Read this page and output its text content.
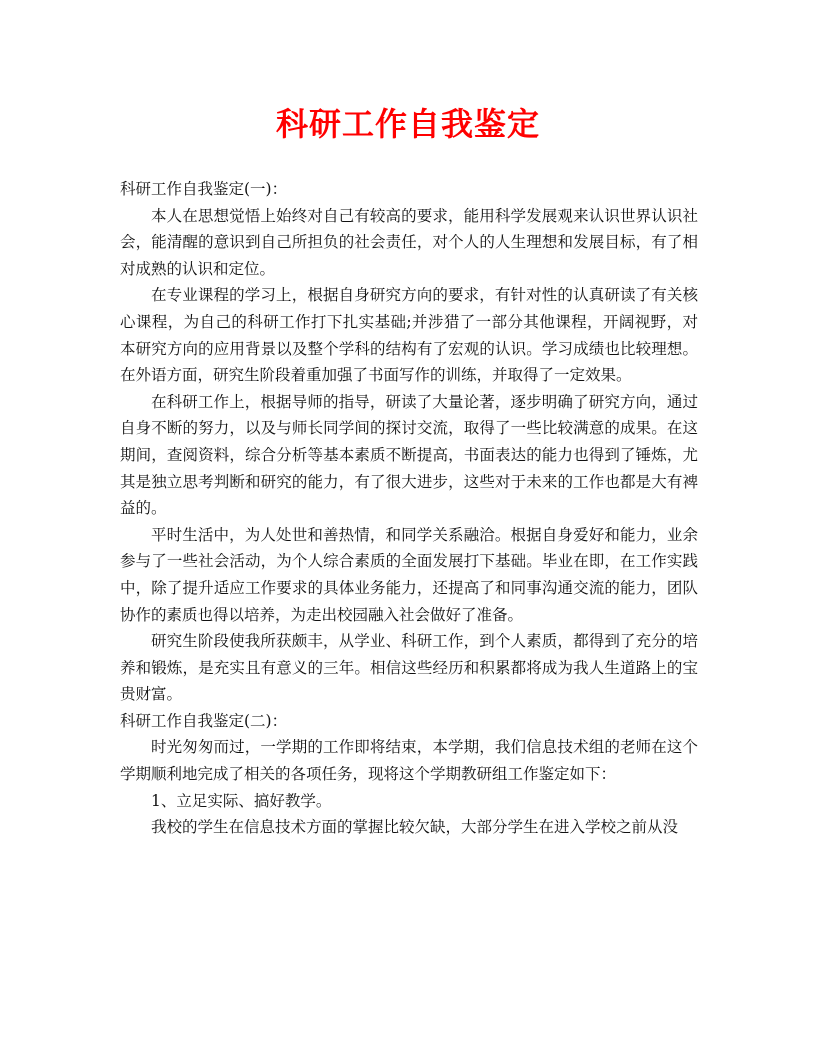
科研工作自我鉴定

科研工作自我鉴定(一)：

本人在思想觉悟上始终对自己有较高的要求，能用科学发展观来认识世界认识社会，能清醒的意识到自己所担负的社会责任，对个人的人生理想和发展目标，有了相对成熟的认识和定位。

在专业课程的学习上，根据自身研究方向的要求，有针对性的认真研读了有关核心课程，为自己的科研工作打下扎实基础;并涉猎了一部分其他课程，开阔视野，对本研究方向的应用背景以及整个学科的结构有了宏观的认识。学习成绩也比较理想。在外语方面，研究生阶段着重加强了书面写作的训练，并取得了一定效果。

在科研工作上，根据导师的指导，研读了大量论著，逐步明确了研究方向，通过自身不断的努力，以及与师长同学间的探讨交流，取得了一些比较满意的成果。在这期间，查阅资料，综合分析等基本素质不断提高，书面表达的能力也得到了锤炼，尤其是独立思考判断和研究的能力，有了很大进步，这些对于未来的工作也都是大有裨益的。

平时生活中，为人处世和善热情，和同学关系融洽。根据自身爱好和能力，业余参与了一些社会活动，为个人综合素质的全面发展打下基础。毕业在即，在工作实践中，除了提升适应工作要求的具体业务能力，还提高了和同事沟通交流的能力，团队协作的素质也得以培养，为走出校园融入社会做好了准备。

研究生阶段使我所获颇丰，从学业、科研工作，到个人素质，都得到了充分的培养和锻炼，是充实且有意义的三年。相信这些经历和积累都将成为我人生道路上的宝贵财富。

科研工作自我鉴定(二)：

时光匆匆而过，一学期的工作即将结束，本学期，我们信息技术组的老师在这个学期顺利地完成了相关的各项任务，现将这个学期教研组工作鉴定如下：

1、立足实际、搞好教学。

我校的学生在信息技术方面的掌握比较欠缺，大部分学生在进入学校之前从没
